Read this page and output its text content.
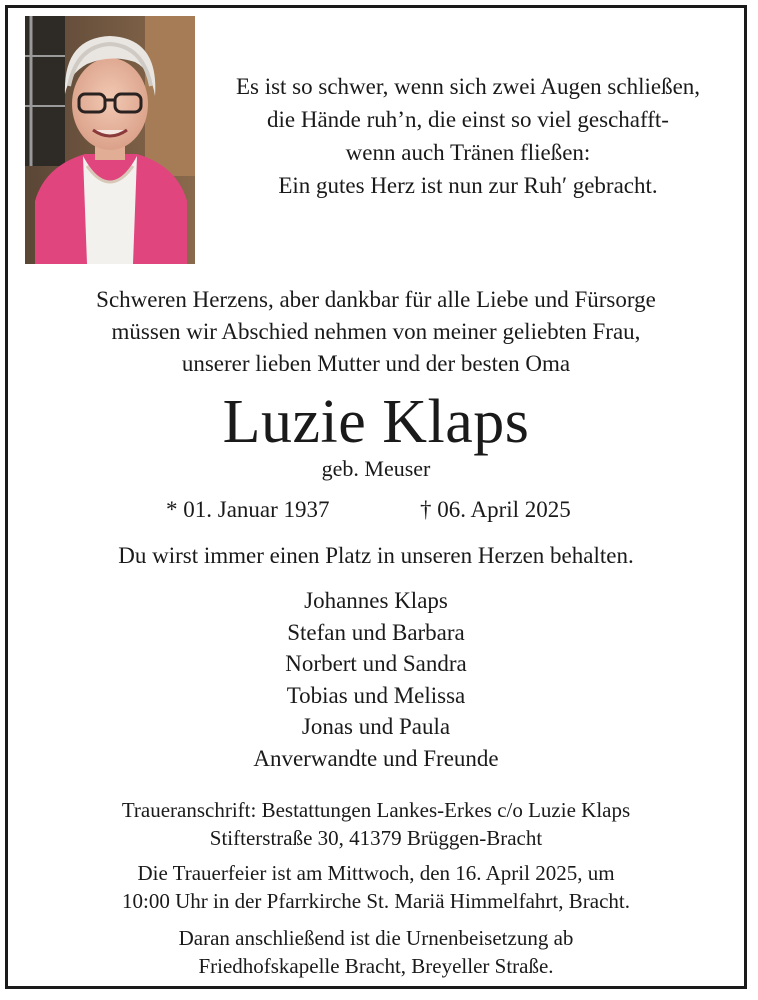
Es ist so schwer, wenn sich zwei Augen schließen,
die Hände ruh’n, die einst so viel geschafft-
wenn auch Tränen fließen:
Ein gutes Herz ist nun zur Ruh′ gebracht.
Schweren Herzens, aber dankbar für alle Liebe und Fürsorge
müssen wir Abschied nehmen von meiner geliebten Frau,
unserer lieben Mutter und der besten Oma
Luzie Klaps
geb. Meuser
* 01. Januar 1937	† 06. April 2025
Du wirst immer einen Platz in unseren Herzen behalten.
Johannes Klaps
Stefan und Barbara
Norbert und Sandra
Tobias und Melissa
Jonas und Paula
Anverwandte und Freunde
Traueranschrift: Bestattungen Lankes-Erkes c/o Luzie Klaps
Stifterstraße 30, 41379 Brüggen-Bracht
Die Trauerfeier ist am Mittwoch, den 16. April 2025, um
10:00 Uhr in der Pfarrkirche St. Mariä Himmelfahrt, Bracht.
Daran anschließend ist die Urnenbeisetzung ab
Friedhofskapelle Bracht, Breyeller Straße.
